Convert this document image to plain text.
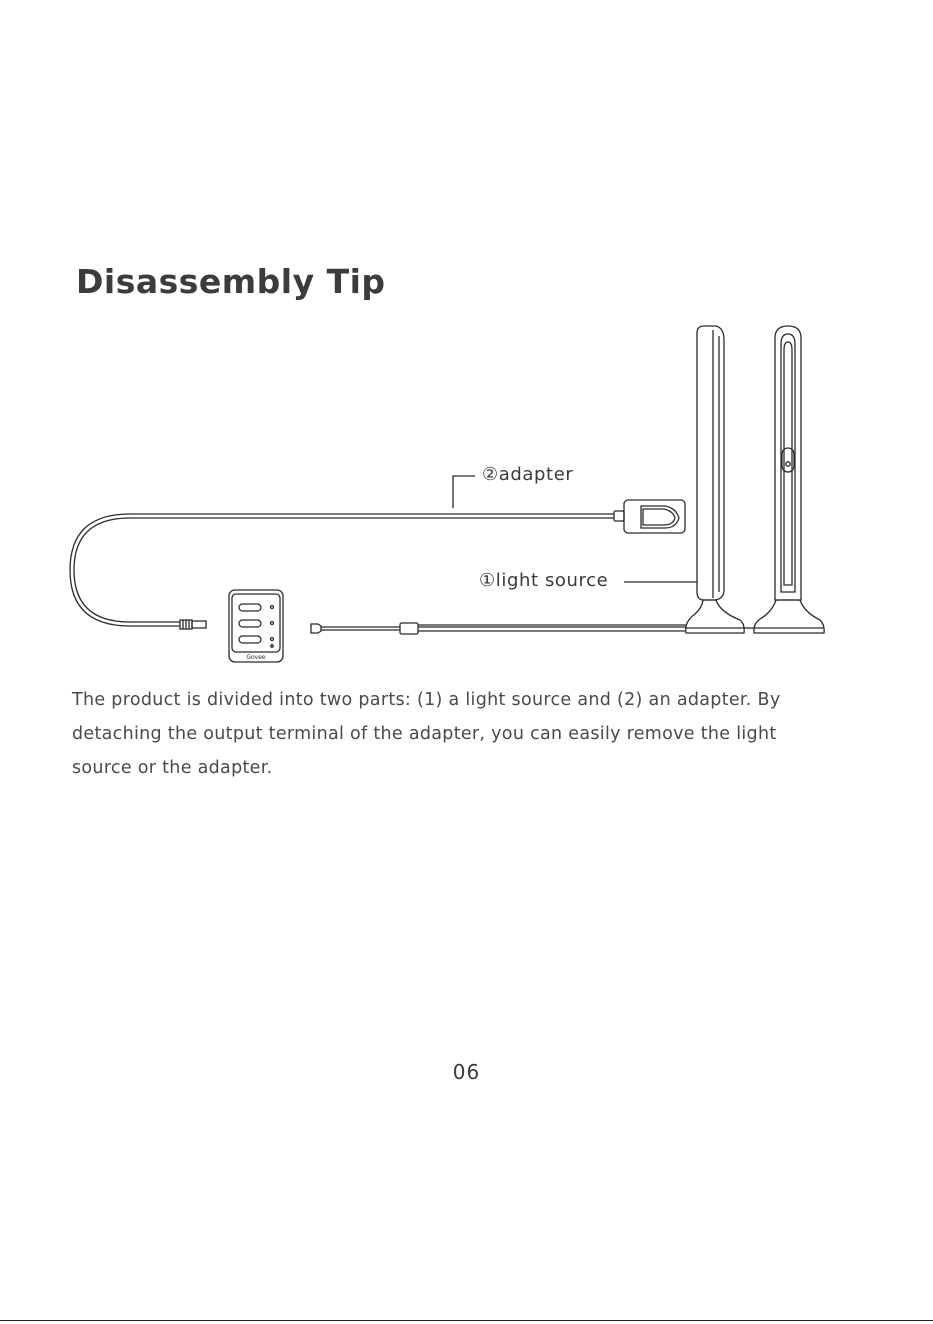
Disassembly Tip
Govee
②adapter
①light source

The product is divided into two parts: (1) a light source and (2) an adapter. By
detaching the output terminal of the adapter, you can easily remove the light
source or the adapter.

06
